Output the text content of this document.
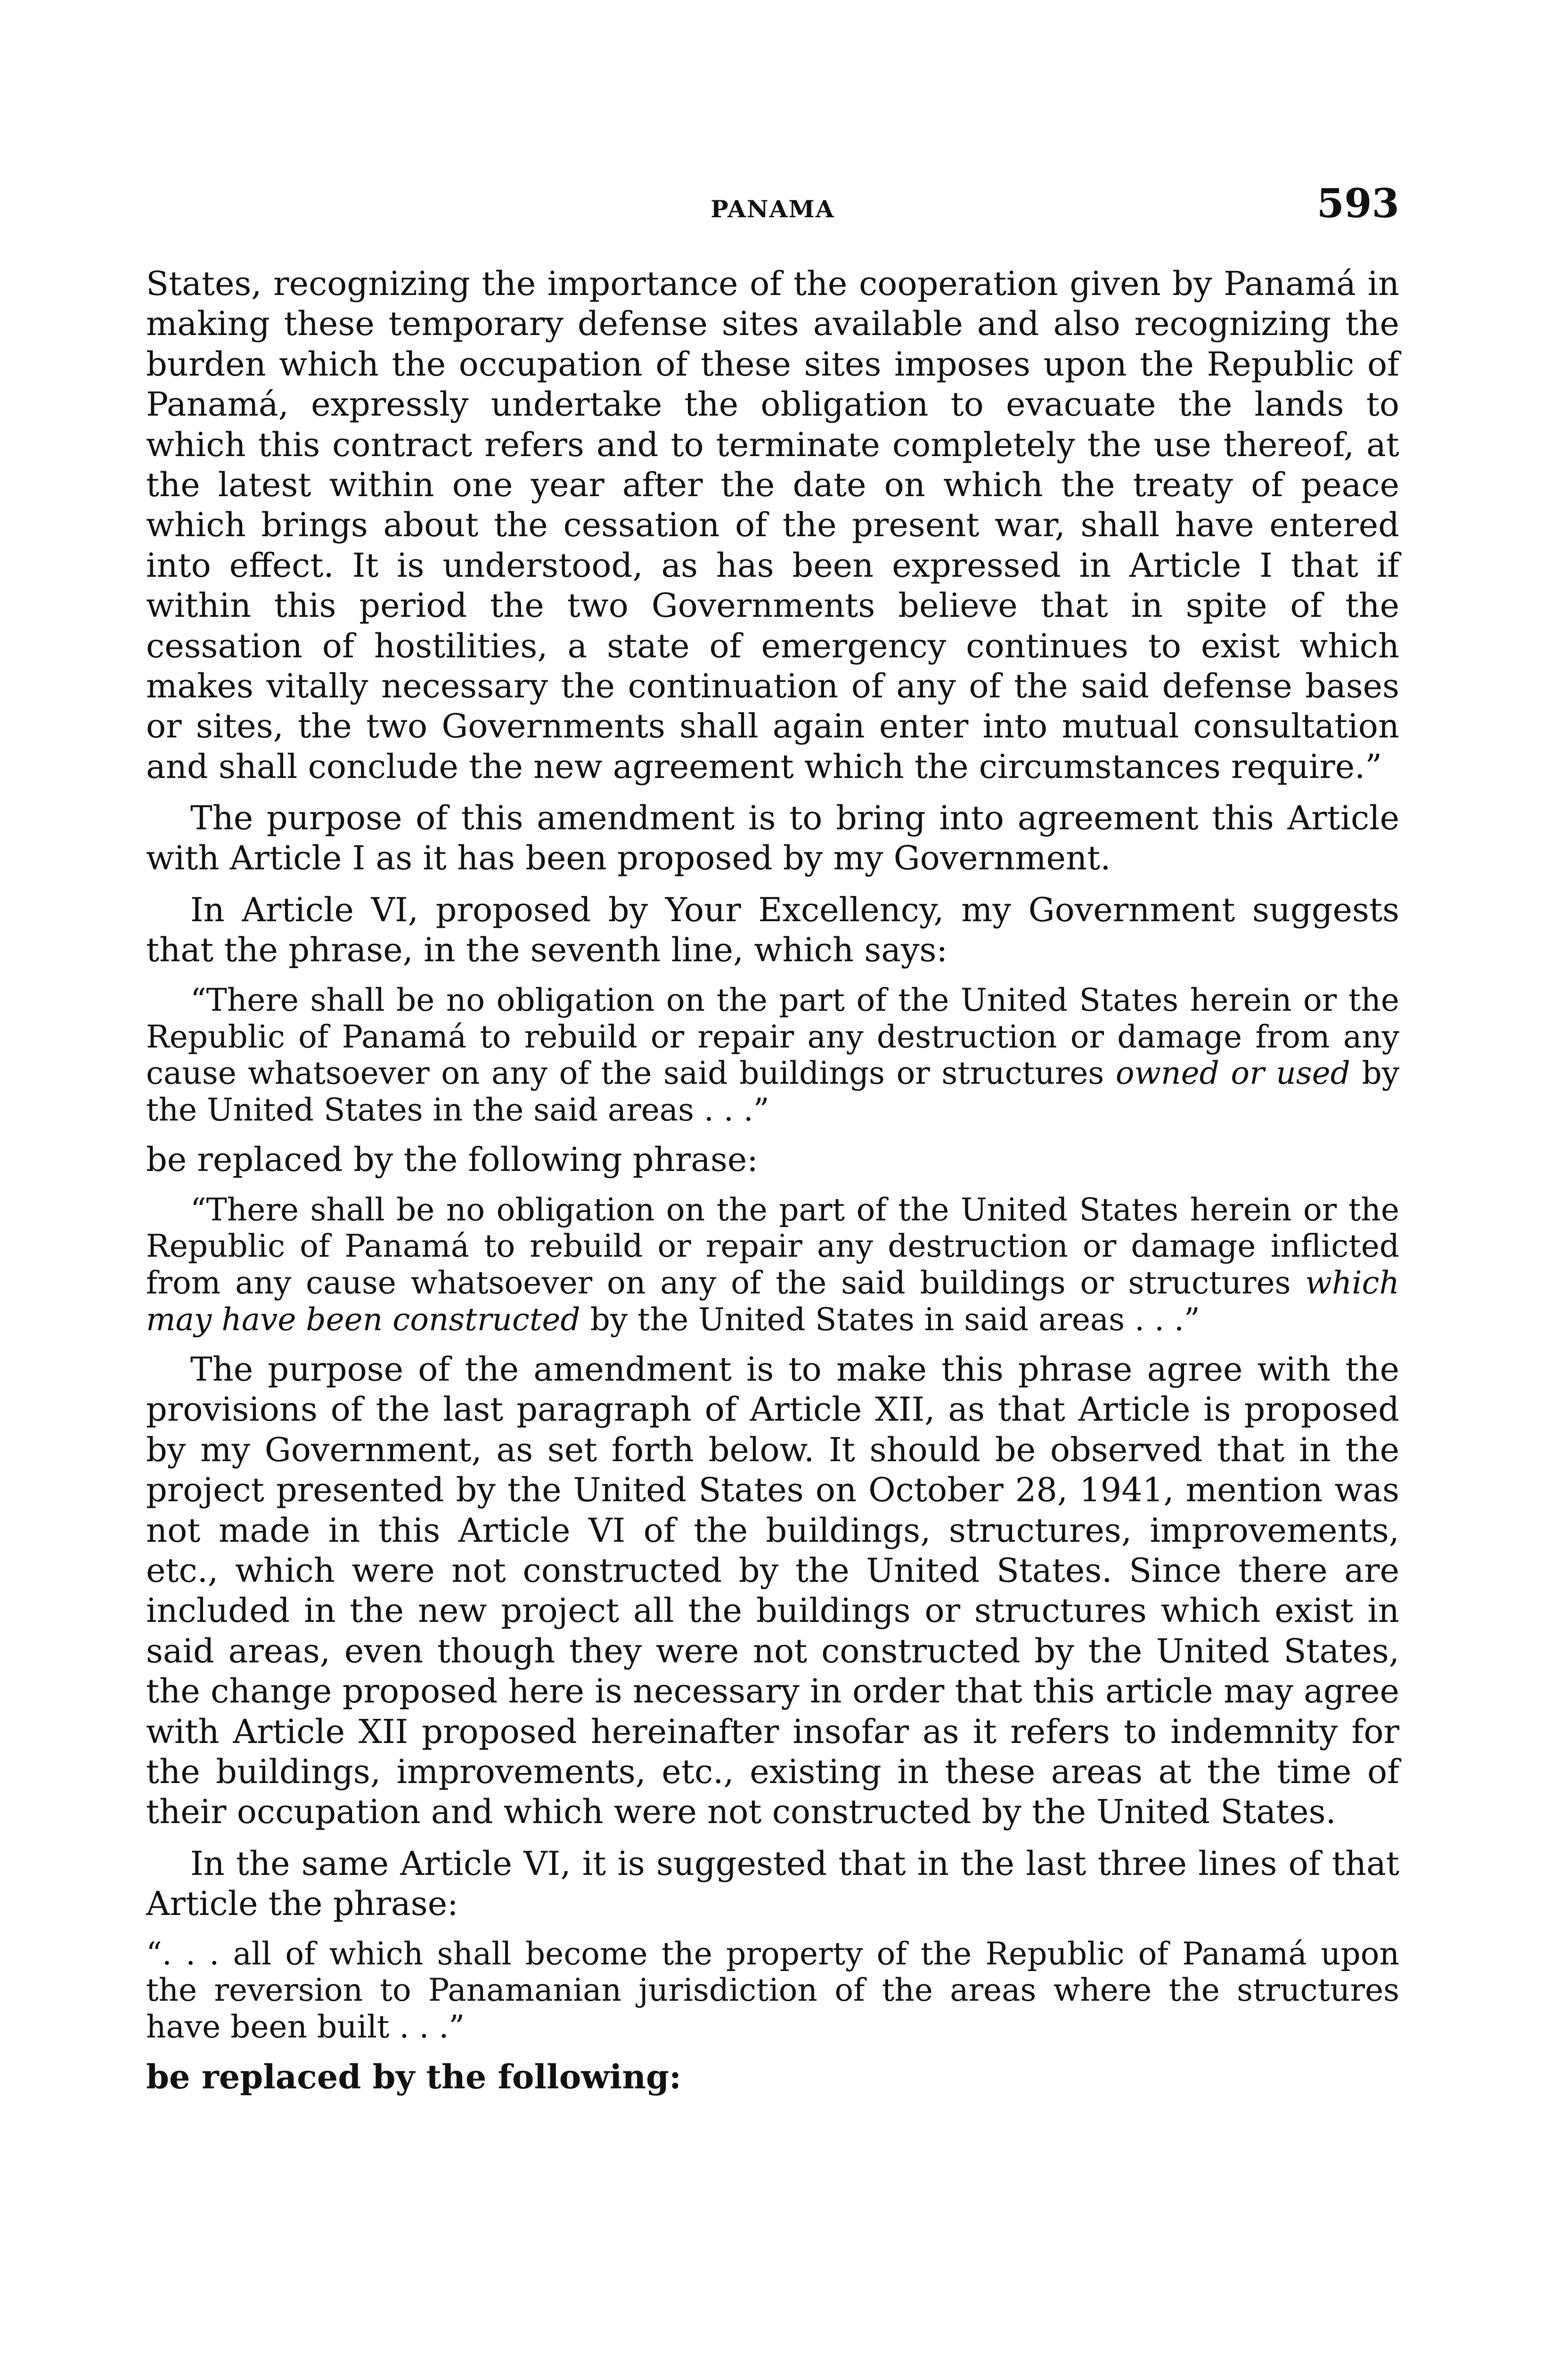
PANAMA	593

States, recognizing the importance of the cooperation given by Panamá in making these temporary defense sites available and also recognizing the burden which the occupation of these sites imposes upon the Republic of Panamá, expressly undertake the obligation to evacuate the lands to which this contract refers and to terminate completely the use thereof, at the latest within one year after the date on which the treaty of peace which brings about the cessation of the present war, shall have entered into effect. It is understood, as has been expressed in Article I that if within this period the two Governments believe that in spite of the cessation of hostilities, a state of emergency continues to exist which makes vitally necessary the continuation of any of the said defense bases or sites, the two Governments shall again enter into mutual consultation and shall conclude the new agreement which the circumstances require.”

The purpose of this amendment is to bring into agreement this Article with Article I as it has been proposed by my Government.

In Article VI, proposed by Your Excellency, my Government suggests that the phrase, in the seventh line, which says:

“There shall be no obligation on the part of the United States herein or the Republic of Panamá to rebuild or repair any destruction or damage from any cause whatsoever on any of the said buildings or structures owned or used by the United States in the said areas . . .”

be replaced by the following phrase:

“There shall be no obligation on the part of the United States herein or the Republic of Panamá to rebuild or repair any destruction or damage inflicted from any cause whatsoever on any of the said buildings or structures which may have been constructed by the United States in said areas . . .”

The purpose of the amendment is to make this phrase agree with the provisions of the last paragraph of Article XII, as that Article is proposed by my Government, as set forth below. It should be observed that in the project presented by the United States on October 28, 1941, mention was not made in this Article VI of the buildings, structures, improvements, etc., which were not constructed by the United States. Since there are included in the new project all the buildings or structures which exist in said areas, even though they were not constructed by the United States, the change proposed here is necessary in order that this article may agree with Article XII proposed hereinafter insofar as it refers to indemnity for the buildings, improvements, etc., existing in these areas at the time of their occupation and which were not constructed by the United States.

In the same Article VI, it is suggested that in the last three lines of that Article the phrase:

“. . . all of which shall become the property of the Republic of Panamá upon the reversion to Panamanian jurisdiction of the areas where the structures have been built . . .”

be replaced by the following:
